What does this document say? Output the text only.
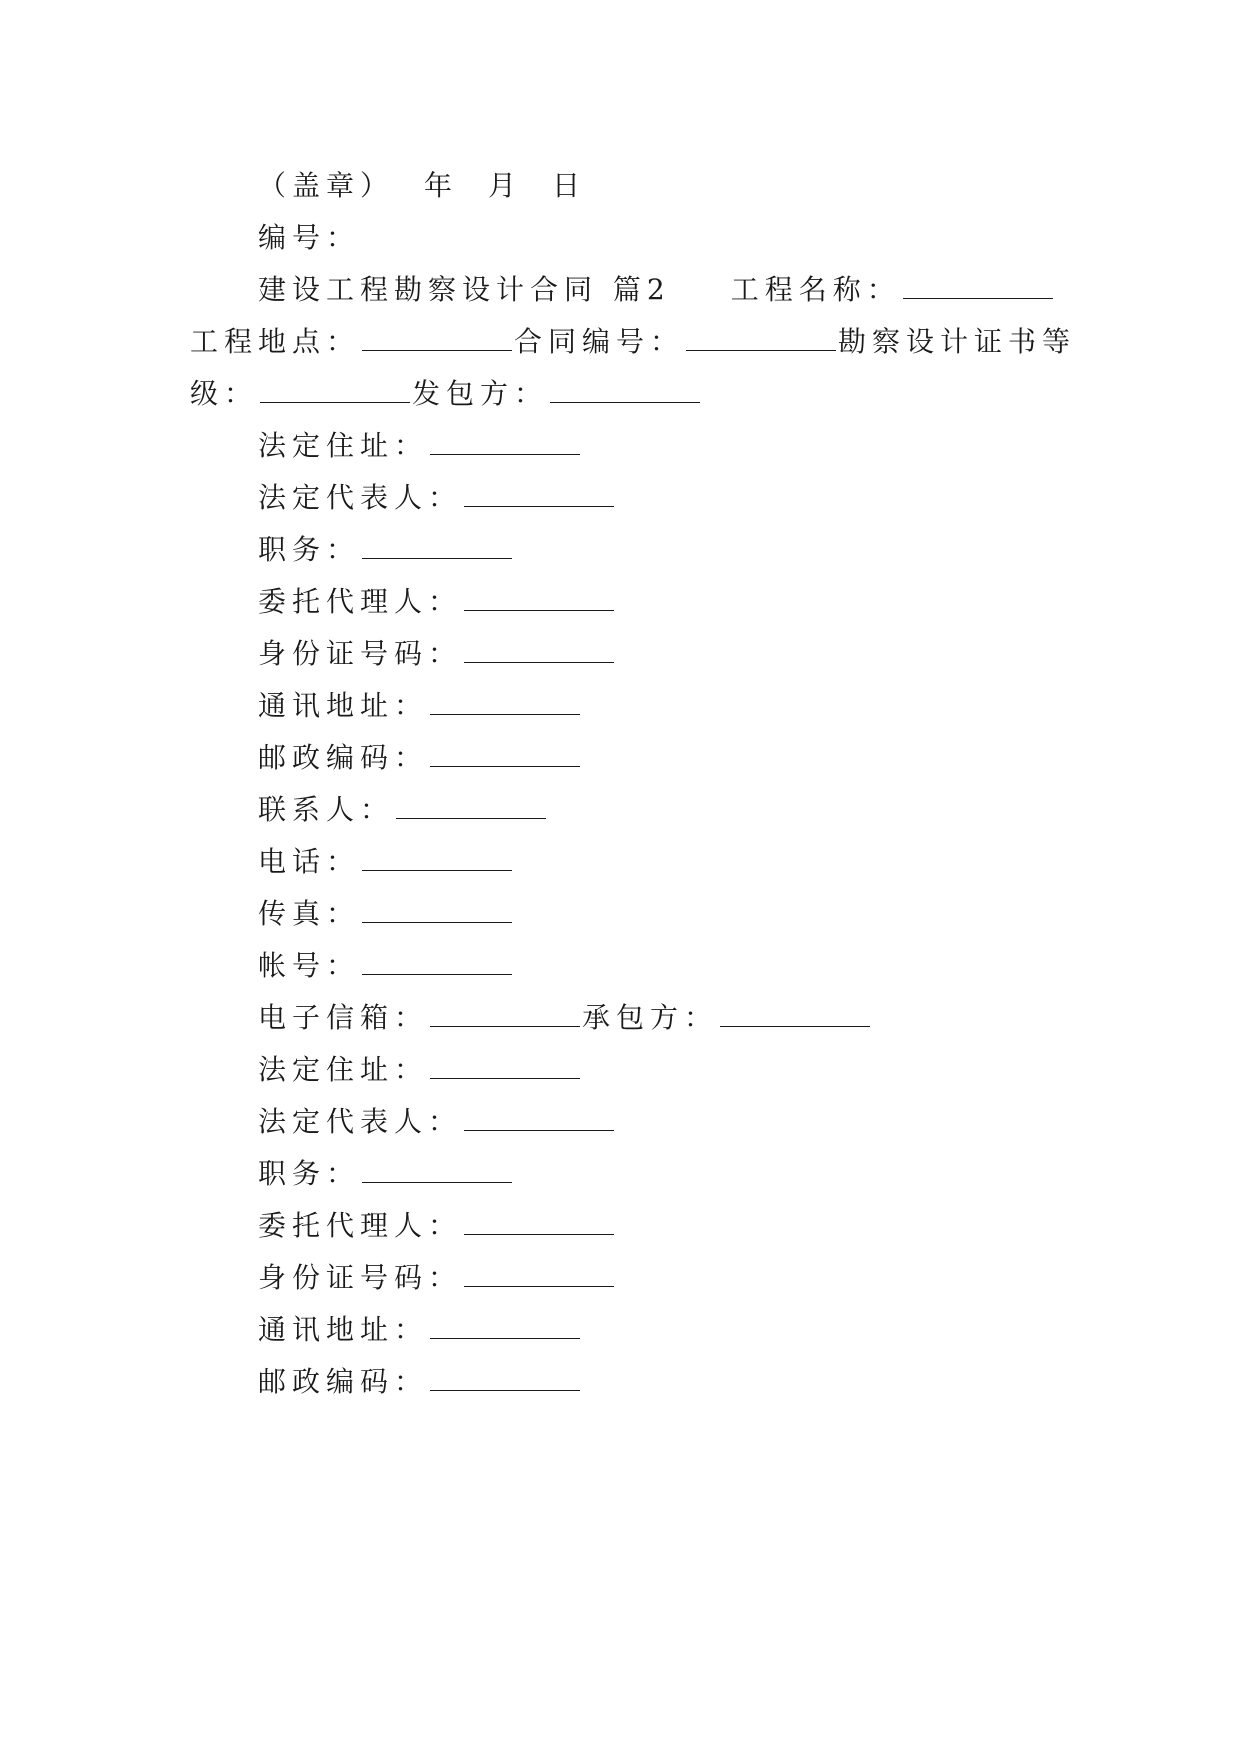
（盖章） 年 月 日
编号：
建设工程勘察设计合同 篇2 工程名称：
工程地点：	合同编号：	勘察设计证书等
级：	发包方：
法定住址：
法定代表人：
职务：
委托代理人：
身份证号码：
通讯地址：
邮政编码：
联系人：
电话：
传真：
帐号：
电子信箱：	承包方：
法定住址：
法定代表人：
职务：
委托代理人：
身份证号码：
通讯地址：
邮政编码：
